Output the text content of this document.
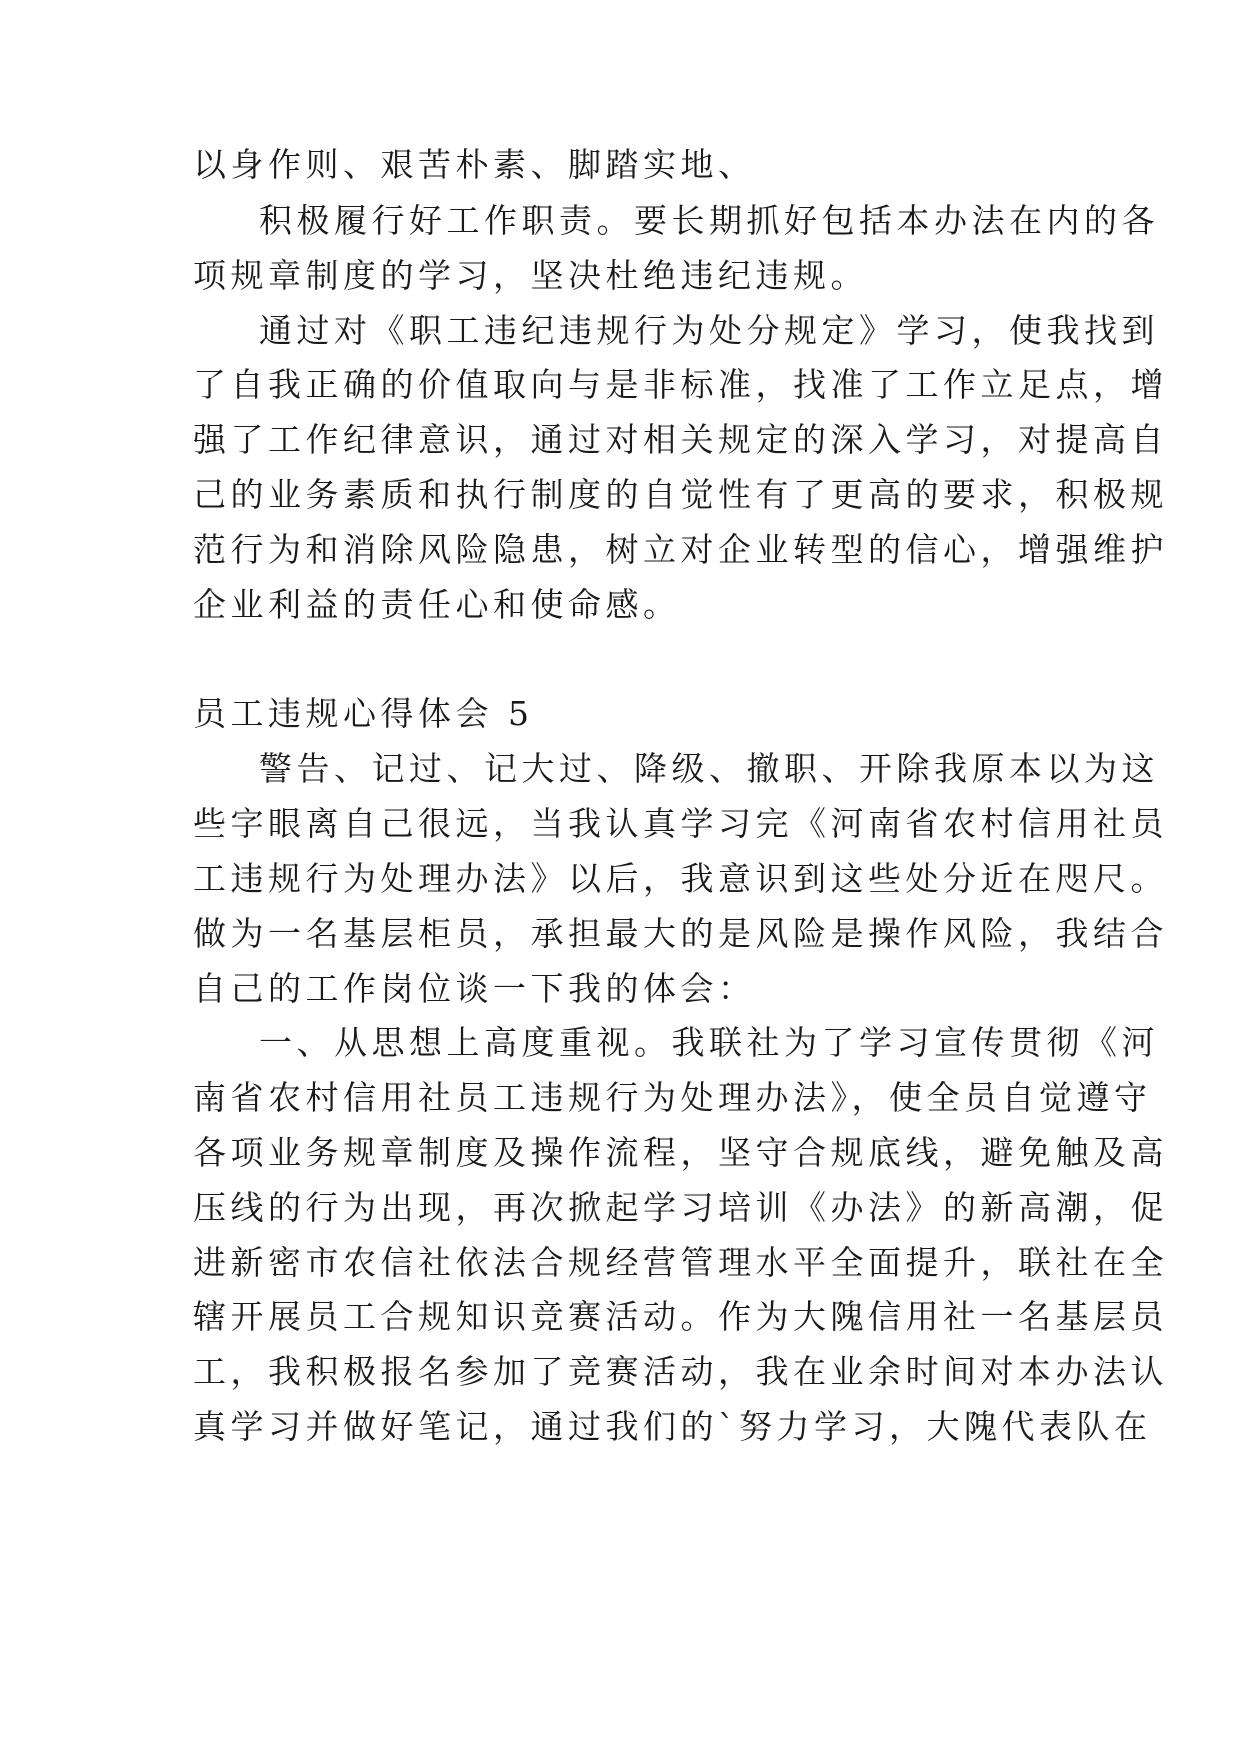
以身作则、艰苦朴素、脚踏实地、
积极履行好工作职责。要长期抓好包括本办法在内的各
项规章制度的学习，坚决杜绝违纪违规。
通过对《职工违纪违规行为处分规定》学习，使我找到
了自我正确的价值取向与是非标准，找准了工作立足点，增
强了工作纪律意识，通过对相关规定的深入学习，对提高自
己的业务素质和执行制度的自觉性有了更高的要求，积极规
范行为和消除风险隐患，树立对企业转型的信心，增强维护
企业利益的责任心和使命感。
员工违规心得体会 5
警告、记过、记大过、降级、撤职、开除我原本以为这
些字眼离自己很远，当我认真学习完《河南省农村信用社员
工违规行为处理办法》以后，我意识到这些处分近在咫尺。
做为一名基层柜员，承担最大的是风险是操作风险，我结合
自己的工作岗位谈一下我的体会：
一、从思想上高度重视。我联社为了学习宣传贯彻《河
南省农村信用社员工违规行为处理办法》，使全员自觉遵守
各项业务规章制度及操作流程，坚守合规底线，避免触及高
压线的行为出现，再次掀起学习培训《办法》的新高潮，促
进新密市农信社依法合规经营管理水平全面提升，联社在全
辖开展员工合规知识竞赛活动。作为大隗信用社一名基层员
工，我积极报名参加了竞赛活动，我在业余时间对本办法认
真学习并做好笔记，通过我们的`努力学习，大隗代表队在
